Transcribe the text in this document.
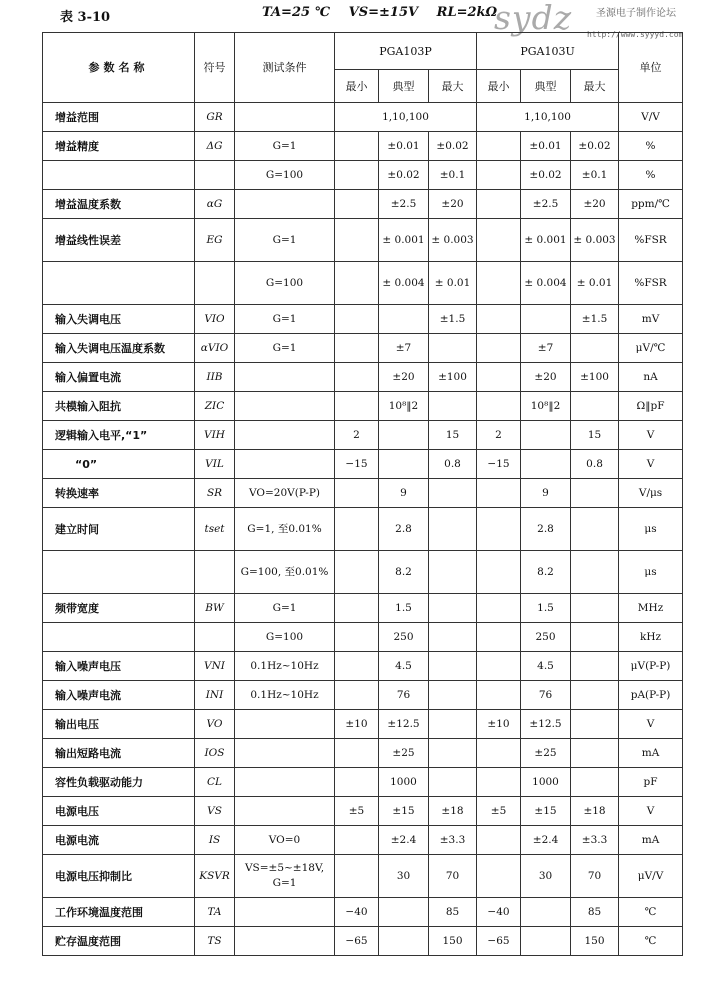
表 3-10	TA=25 ℃ VS=±15V RL=2kΩ
sydz 圣源电子制作论坛
http://www.syyyd.com
参数名称	符号	测试条件	PGA103P			PGA103U			单位
			最小	典型	最大	最小	典型	最大	
增益范围	GR		1,10,100			1,10,100			V/V
增益精度	ΔG	G=1		±0.01	±0.02		±0.01	±0.02	%
		G=100		±0.02	±0.1		±0.02	±0.1	%
增益温度系数	αG			±2.5	±20		±2.5	±20	ppm/℃
增益线性误差	EG	G=1		± 0.001	± 0.003		± 0.001	± 0.003	%FSR
		G=100		± 0.004	± 0.01		± 0.004	± 0.01	%FSR
输入失调电压	VIO	G=1			±1.5			±1.5	mV
输入失调电压温度系数	αVIO	G=1		±7			±7		μV/℃
输入偏置电流	IIB			±20	±100		±20	±100	nA
共模输入阻抗	ZIC			10⁸‖2			10⁸‖2		Ω‖pF
逻辑输入电平,“1”	VIH		2		15	2		15	V
“0”	VIL		−15		0.8	−15		0.8	V
转换速率	SR	VO=20V(P-P)		9			9		V/μs
建立时间	tset	G=1, 至0.01%		2.8			2.8		μs
		G=100, 至0.01%		8.2			8.2		μs
频带宽度	BW	G=1		1.5			1.5		MHz
		G=100		250			250		kHz
输入噪声电压	VNI	0.1Hz~10Hz		4.5			4.5		μV(P-P)
输入噪声电流	INI	0.1Hz~10Hz		76			76		pA(P-P)
输出电压	VO		±10	±12.5		±10	±12.5		V
输出短路电流	IOS			±25			±25		mA
容性负载驱动能力	CL			1000			1000		pF
电源电压	VS		±5	±15	±18	±5	±15	±18	V
电源电流	IS	VO=0		±2.4	±3.3		±2.4	±3.3	mA
电源电压抑制比	KSVR	VS=±5~±18V, G=1		30	70		30	70	μV/V
工作环境温度范围	TA		−40		85	−40		85	℃
贮存温度范围	TS		−65		150	−65		150	℃
